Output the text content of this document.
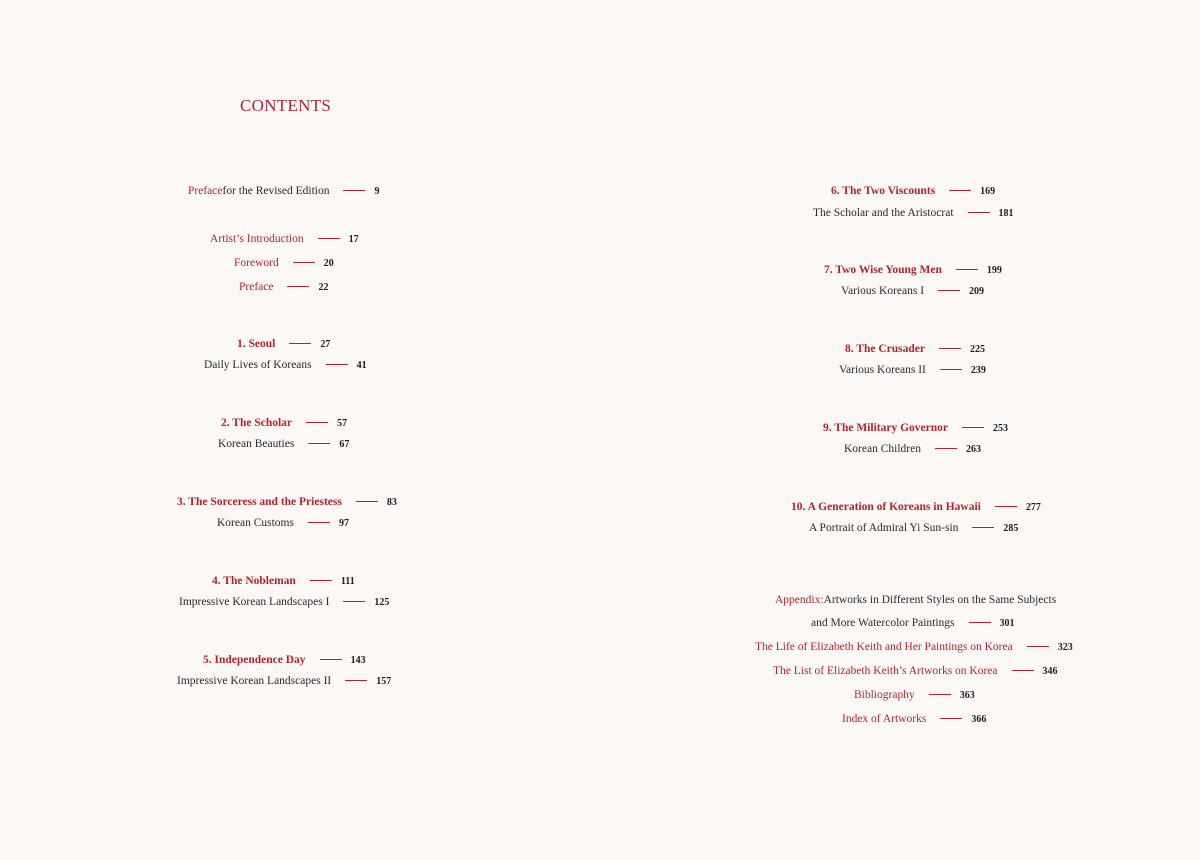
CONTENTS
Preface for the Revised Edition	9
Artist’s Introduction	17
Foreword	20
Preface	22
1. Seoul	27
Daily Lives of Koreans	41
2. The Scholar	57
Korean Beauties	67
3. The Sorceress and the Priestess	83
Korean Customs	97
4. The Nobleman	111
Impressive Korean Landscapes I	125
5. Independence Day	143
Impressive Korean Landscapes II	157
6. The Two Viscounts	169
The Scholar and the Aristocrat	181
7. Two Wise Young Men	199
Various Koreans I	209
8. The Crusader	225
Various Koreans II	239
9. The Military Governor	253
Korean Children	263
10. A Generation of Koreans in Hawaii	277
A Portrait of Admiral Yi Sun-sin	285
Appendix: Artworks in Different Styles on the Same Subjects
and More Watercolor Paintings	301
The Life of Elizabeth Keith and Her Paintings on Korea	323
The List of Elizabeth Keith’s Artworks on Korea	346
Bibliography	363
Index of Artworks	366
